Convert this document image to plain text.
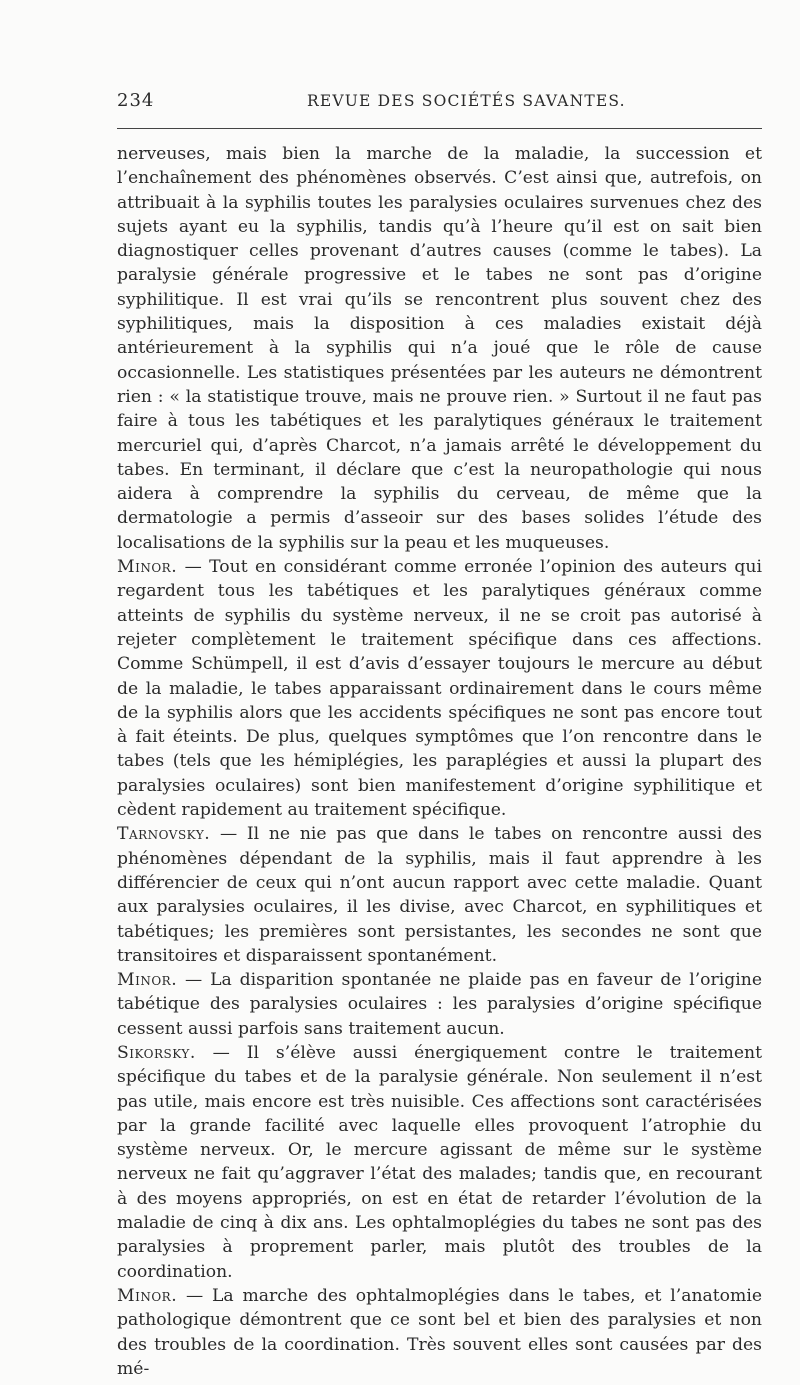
234	REVUE DES SOCIÉTÉS SAVANTES.

nerveuses, mais bien la marche de la maladie, la succession et l’enchaînement des phénomènes observés. C’est ainsi que, autrefois, on attribuait à la syphilis toutes les paralysies oculaires survenues chez des sujets ayant eu la syphilis, tandis qu’à l’heure qu’il est on sait bien diagnostiquer celles provenant d’autres causes (comme le tabes). La paralysie générale progressive et le tabes ne sont pas d’origine syphilitique. Il est vrai qu’ils se rencontrent plus souvent chez des syphilitiques, mais la disposition à ces maladies existait déjà antérieurement à la syphilis qui n’a joué que le rôle de cause occasionnelle. Les statistiques présentées par les auteurs ne démontrent rien : « la statistique trouve, mais ne prouve rien. » Surtout il ne faut pas faire à tous les tabétiques et les paralytiques généraux le traitement mercuriel qui, d’après Charcot, n’a jamais arrêté le développement du tabes. En terminant, il déclare que c’est la neuropathologie qui nous aidera à comprendre la syphilis du cerveau, de même que la dermatologie a permis d’asseoir sur des bases solides l’étude des localisations de la syphilis sur la peau et les muqueuses.

Minor. — Tout en considérant comme erronée l’opinion des auteurs qui regardent tous les tabétiques et les paralytiques généraux comme atteints de syphilis du système nerveux, il ne se croit pas autorisé à rejeter complètement le traitement spécifique dans ces affections. Comme Schümpell, il est d’avis d’essayer toujours le mercure au début de la maladie, le tabes apparaissant ordinairement dans le cours même de la syphilis alors que les accidents spécifiques ne sont pas encore tout à fait éteints. De plus, quelques symptômes que l’on rencontre dans le tabes (tels que les hémiplégies, les paraplégies et aussi la plupart des paralysies oculaires) sont bien manifestement d’origine syphilitique et cèdent rapidement au traitement spécifique.

Tarnovsky. — Il ne nie pas que dans le tabes on rencontre aussi des phénomènes dépendant de la syphilis, mais il faut apprendre à les différencier de ceux qui n’ont aucun rapport avec cette maladie. Quant aux paralysies oculaires, il les divise, avec Charcot, en syphilitiques et tabétiques; les premières sont persistantes, les secondes ne sont que transitoires et disparaissent spontanément.

Minor. — La disparition spontanée ne plaide pas en faveur de l’origine tabétique des paralysies oculaires : les paralysies d’origine spécifique cessent aussi parfois sans traitement aucun.

Sikorsky. — Il s’élève aussi énergiquement contre le traitement spécifique du tabes et de la paralysie générale. Non seulement il n’est pas utile, mais encore est très nuisible. Ces affections sont caractérisées par la grande facilité avec laquelle elles provoquent l’atrophie du système nerveux. Or, le mercure agissant de même sur le système nerveux ne fait qu’aggraver l’état des malades; tandis que, en recourant à des moyens appropriés, on est en état de retarder l’évolution de la maladie de cinq à dix ans. Les ophtalmoplégies du tabes ne sont pas des paralysies à proprement parler, mais plutôt des troubles de la coordination.

Minor. — La marche des ophtalmoplégies dans le tabes, et l’anatomie pathologique démontrent que ce sont bel et bien des paralysies et non des troubles de la coordination. Très souvent elles sont causées par des mé-
